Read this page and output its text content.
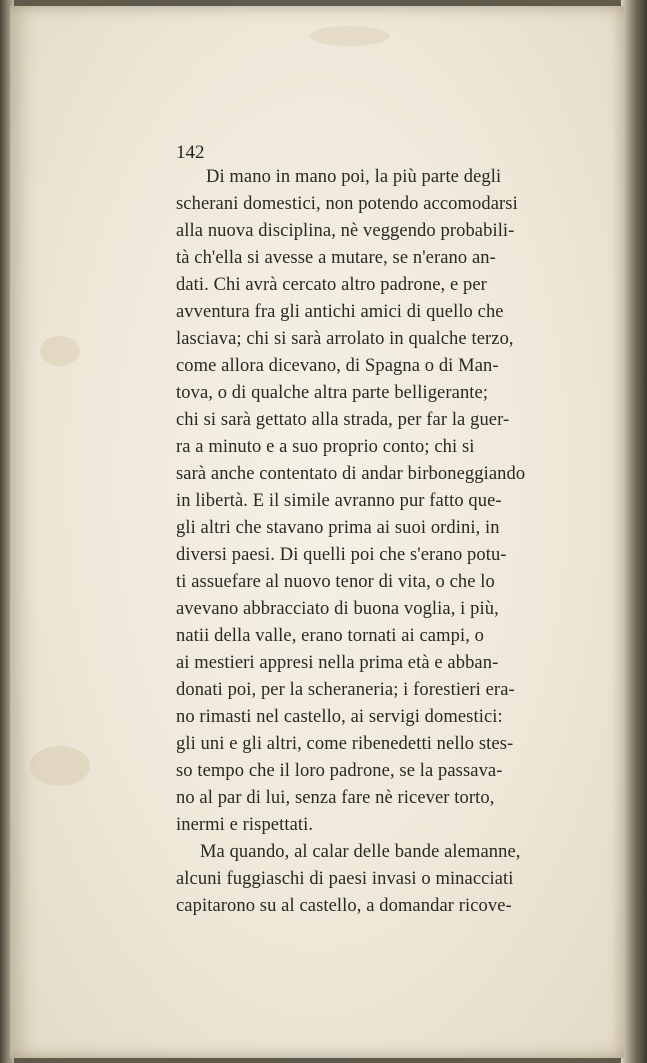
142
Di mano in mano poi, la più parte degli
scherani domestici, non potendo accomodarsi
alla nuova disciplina, nè veggendo probabili-
tà ch'ella si avesse a mutare, se n'erano an-
dati. Chi avrà cercato altro padrone, e per
avventura fra gli antichi amici di quello che
lasciava; chi si sarà arrolato in qualche terzo,
come allora dicevano, di Spagna o di Man-
tova, o di qualche altra parte belligerante;
chi si sarà gettato alla strada, per far la guer-
ra a minuto e a suo proprio conto; chi si
sarà anche contentato di andar birboneggiando
in libertà. E il simile avranno pur fatto que-
gli altri che stavano prima ai suoi ordini, in
diversi paesi. Di quelli poi che s'erano potu-
ti assuefare al nuovo tenor di vita, o che lo
avevano abbracciato di buona voglia, i più,
natii della valle, erano tornati ai campi, o
ai mestieri appresi nella prima età e abban-
donati poi, per la scheraneria; i forestieri era-
no rimasti nel castello, ai servigi domestici:
gli uni e gli altri, come ribenedetti nello stes-
so tempo che il loro padrone, se la passava-
no al par di lui, senza fare nè ricever torto,
inermi e rispettati.
Ma quando, al calar delle bande alemanne,
alcuni fuggiaschi di paesi invasi o minacciati
capitarono su al castello, a domandar ricove-
